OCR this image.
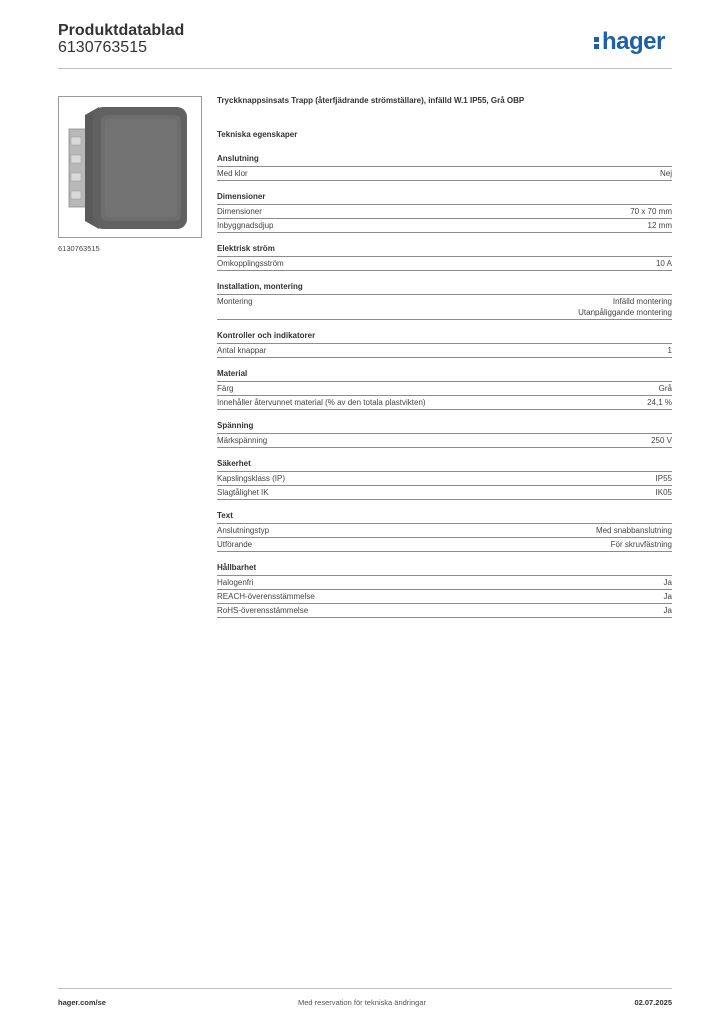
Produktdatablad
6130763515	hager
6130763515
Tryckknappsinsats Trapp (återfjädrande strömställare), infälld W.1 IP55, Grå OBP
Tekniska egenskaper
Anslutning
Med klor	Nej
Dimensioner
Dimensioner	70 x 70 mm
Inbyggnadsdjup	12 mm
Elektrisk ström
Omkopplingsström	10 A
Installation, montering
Montering	Infälld montering
Utanpåliggande montering
Kontroller och indikatorer
Antal knappar	1
Material
Färg	Grå
Innehåller återvunnet material (% av den totala plastvikten)	24,1 %
Spänning
Märkspänning	250 V
Säkerhet
Kapslingsklass (IP)	IP55
Slagtålighet IK	IK05
Text
Anslutningstyp	Med snabbanslutning
Utförande	För skruvfästning
Hållbarhet
Halogenfri	Ja
REACH-överensstämmelse	Ja
RoHS-överensstämmelse	Ja
hager.com/se	Med reservation för tekniska ändringar	02.07.2025
